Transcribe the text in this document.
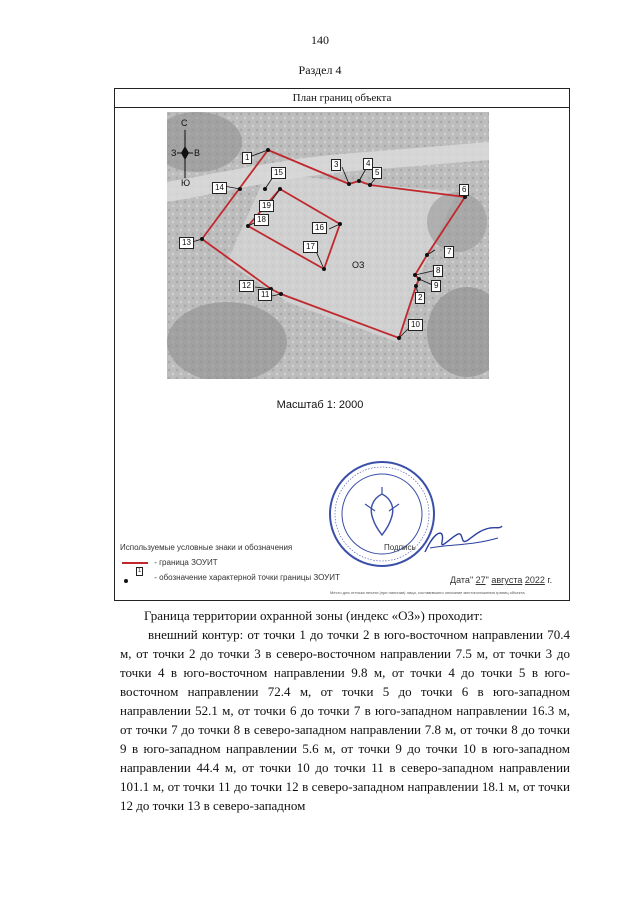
140
Раздел 4
План границ объекта
1
2
3	4
5
6
7
8
9
10
11
12
13
14
15
16
17
18
19
ОЗ
С
З В
Ю
Масштаб 1: 2000
Используемые условные знаки и обозначения
- граница ЗОУИТ
1
- обозначение характерной точки границы ЗОУИТ
Подпись
Дата" 27" августа 2022 г.
Место для оттиска печати (при наличии) лица, составившего описание местоположения границ объекта

Граница территории охранной зоны (индекс «ОЗ») проходит:

внешний контур: от точки 1 до точки 2 в юго-восточном направлении 70.4 м, от точки 2 до точки 3 в северо-восточном направлении 7.5 м, от точки 3 до точки 4 в юго-восточном направлении 9.8 м, от точки 4 до точки 5 в юго-восточном направлении 72.4 м, от точки 5 до точки 6 в юго-западном направлении 52.1 м, от точки 6 до точки 7 в юго-западном направлении 16.3 м, от точки 7 до точки 8 в северо-западном направлении 7.8 м, от точки 8 до точки 9 в юго-западном направлении 5.6 м, от точки 9 до точки 10 в юго-западном направлении 44.4 м, от точки 10 до точки 11 в северо-западном направлении 101.1 м, от точки 11 до точки 12 в северо-западном направлении 18.1 м, от точки 12 до точки 13 в северо-западном
